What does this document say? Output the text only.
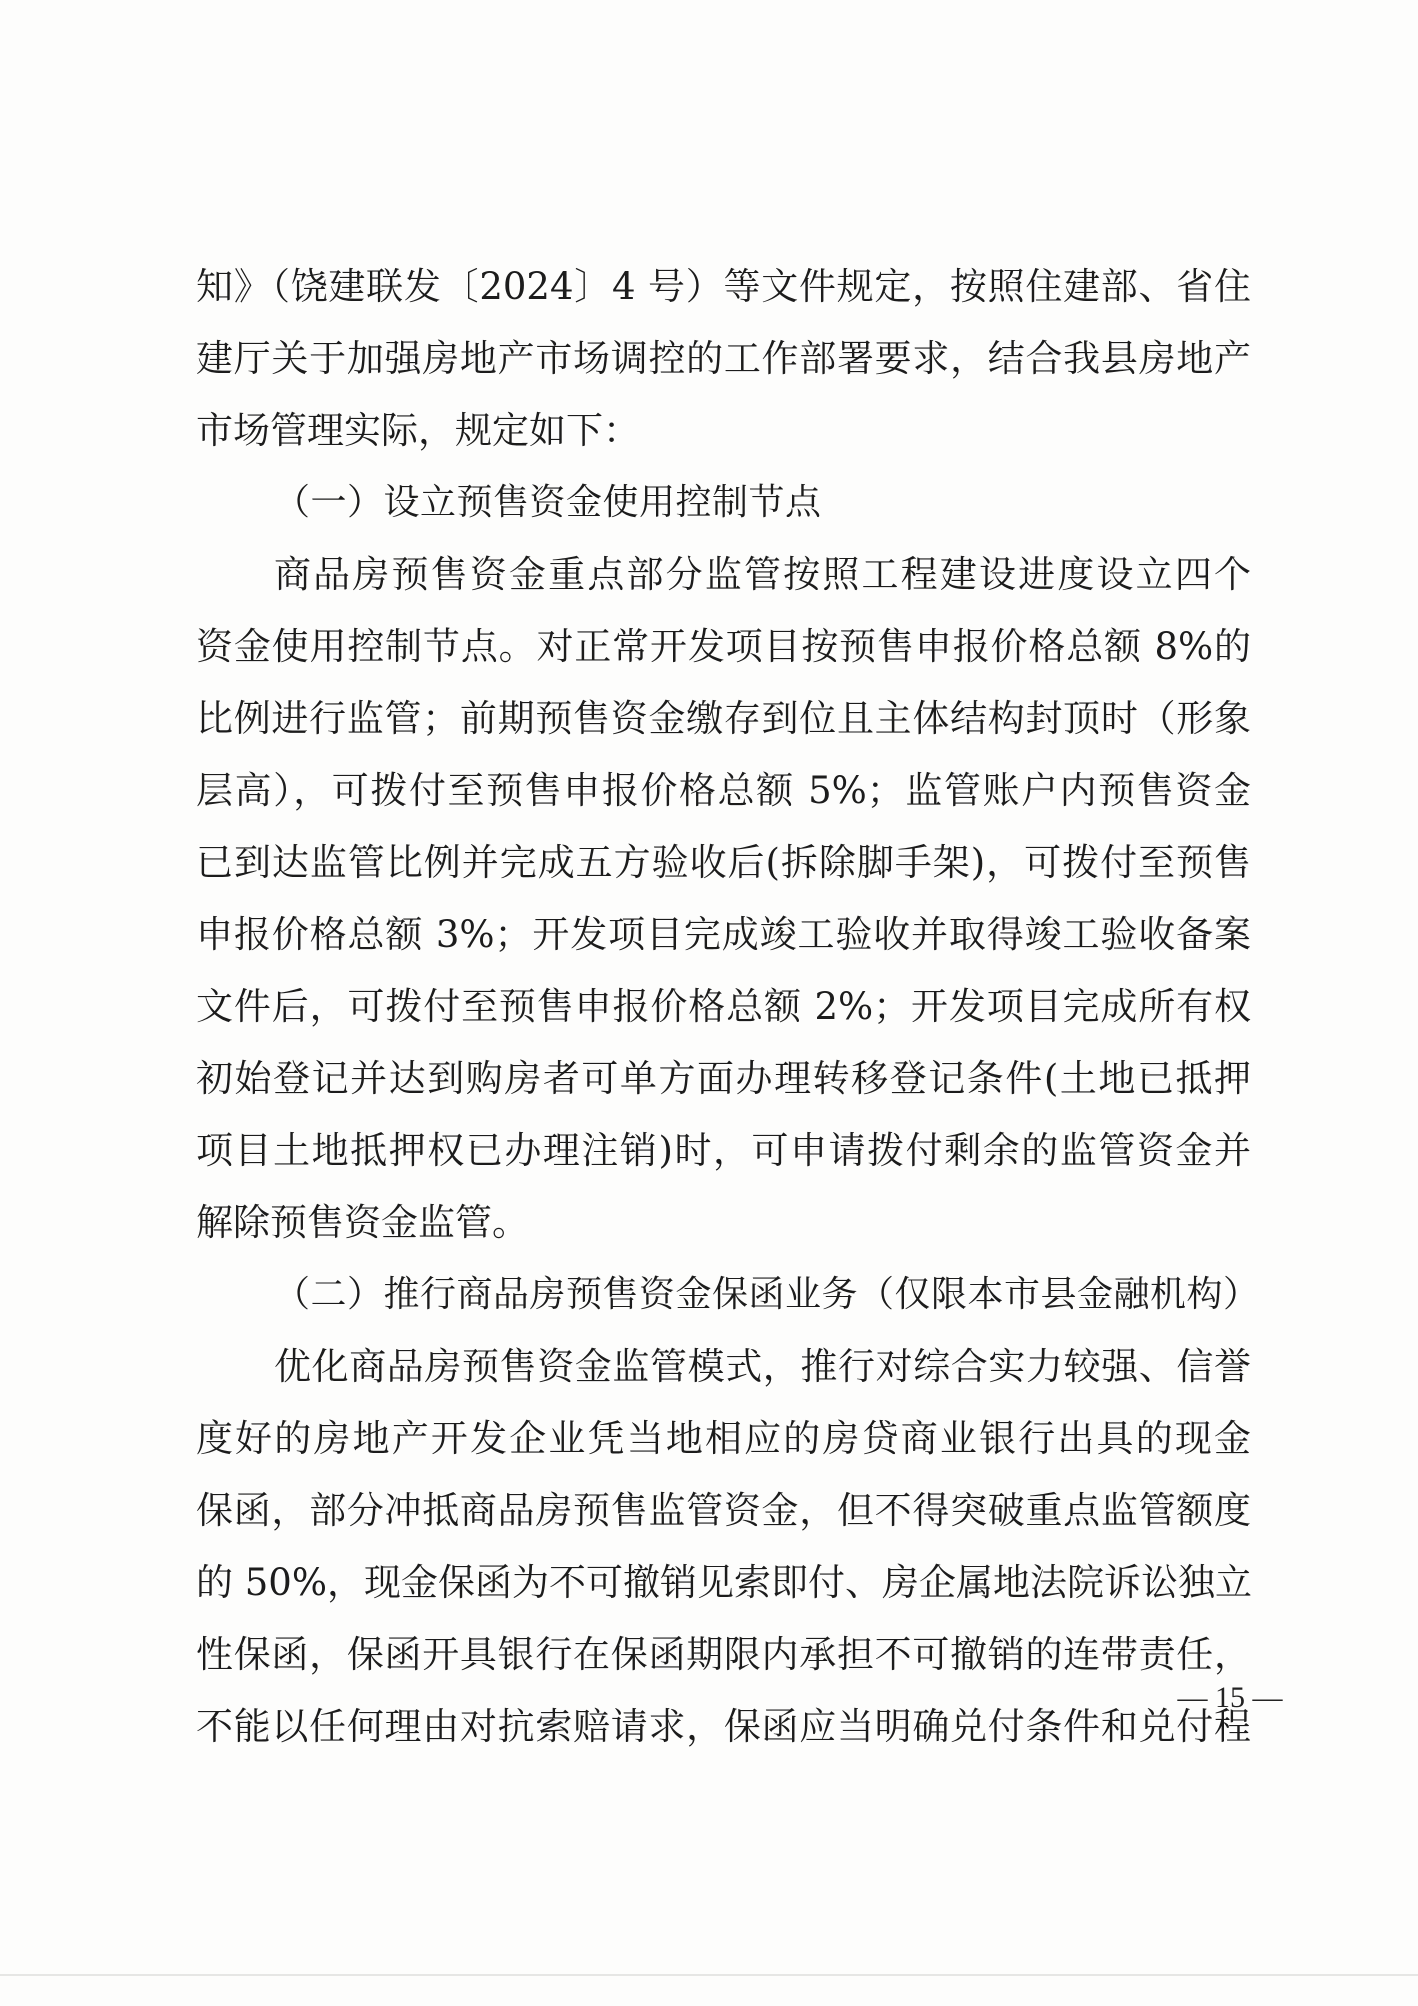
知》（饶建联发〔2024〕4 号）等文件规定，按照住建部、省住
建厅关于加强房地产市场调控的工作部署要求，结合我县房地产
市场管理实际，规定如下：
（一）设立预售资金使用控制节点
商品房预售资金重点部分监管按照工程建设进度设立四个
资金使用控制节点。对正常开发项目按预售申报价格总额 8%的
比例进行监管；前期预售资金缴存到位且主体结构封顶时（形象
层高），可拨付至预售申报价格总额 5%；监管账户内预售资金
已到达监管比例并完成五方验收后(拆除脚手架)，可拨付至预售
申报价格总额 3%；开发项目完成竣工验收并取得竣工验收备案
文件后，可拨付至预售申报价格总额 2%；开发项目完成所有权
初始登记并达到购房者可单方面办理转移登记条件(土地已抵押
项目土地抵押权已办理注销)时，可申请拨付剩余的监管资金并
解除预售资金监管。
（二）推行商品房预售资金保函业务（仅限本市县金融机构）
优化商品房预售资金监管模式，推行对综合实力较强、信誉
度好的房地产开发企业凭当地相应的房贷商业银行出具的现金
保函，部分冲抵商品房预售监管资金，但不得突破重点监管额度
的 50%，现金保函为不可撤销见索即付、房企属地法院诉讼独立
性保函，保函开具银行在保函期限内承担不可撤销的连带责任，
不能以任何理由对抗索赔请求，保函应当明确兑付条件和兑付程
— 15 —
